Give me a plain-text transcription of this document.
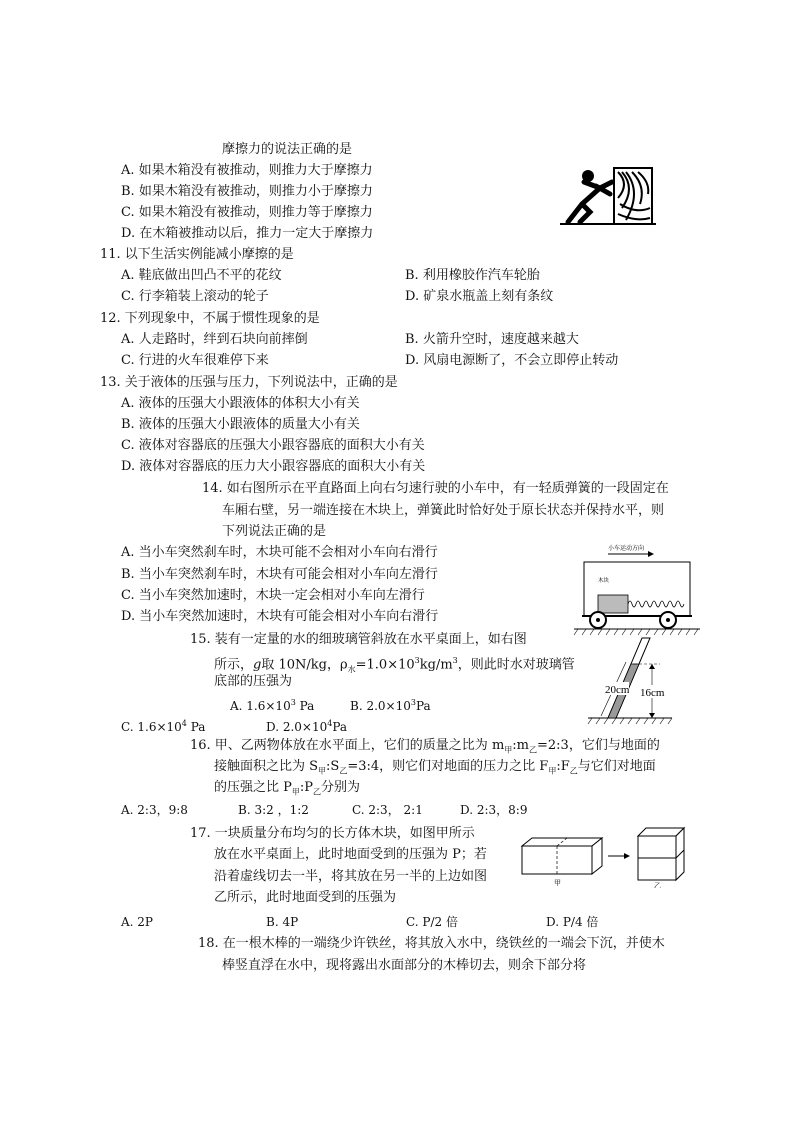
摩擦力的说法正确的是
A. 如果木箱没有被推动，则推力大于摩擦力
B. 如果木箱没有被推动，则推力小于摩擦力
C. 如果木箱没有被推动，则推力等于摩擦力
D. 在木箱被推动以后，推力一定大于摩擦力
11. 以下生活实例能减小摩擦的是
A. 鞋底做出凹凸不平的花纹	B. 利用橡胶作汽车轮胎
C. 行李箱装上滚动的轮子	D. 矿泉水瓶盖上刻有条纹
12. 下列现象中，不属于惯性现象的是
A. 人走路时，绊到石块向前摔倒	B. 火箭升空时，速度越来越大
C. 行进的火车很难停下来	D. 风扇电源断了，不会立即停止转动
13. 关于液体的压强与压力，下列说法中，正确的是
A. 液体的压强大小跟液体的体积大小有关
B. 液体的压强大小跟液体的质量大小有关
C. 液体对容器底的压强大小跟容器底的面积大小有关
D. 液体对容器底的压力大小跟容器底的面积大小有关
14. 如右图所示在平直路面上向右匀速行驶的小车中，有一轻质弹簧的一段固定在
车厢右壁，另一端连接在木块上，弹簧此时恰好处于原长状态并保持水平，则
下列说法正确的是
A. 当小车突然刹车时，木块可能不会相对小车向右滑行
B. 当小车突然刹车时，木块有可能会相对小车向左滑行
C. 当小车突然加速时，木块一定会相对小车向左滑行
D. 当小车突然加速时，木块有可能会相对小车向右滑行
小车运动方向
木块
15. 装有一定量的水的细玻璃管斜放在水平桌面上，如右图
所示，g取 10N/kg，$\rho_水=1.0\times 10^3kg/m^3$，则此时水对玻璃管
底部的压强为
A. $1.6\times 10^3$ Pa	B. $2.0\times 10^3Pa$
C. $1.6\times 10^4$ Pa	D. $2.0\times 10^4Pa$
20cm 16cm
16. 甲、乙两物体放在水平面上，它们的质量之比为 $m_甲:m_乙=2:3$，它们与地面的
接触面积之比为 $S_甲:S_乙=3:4$，则它们对地面的压力之比 $F_甲:F_乙$与它们对地面
的压强之比 $P_甲:P_乙$分别为
A. 2:3，9:8	B. 3:2 ，1:2	C. 2:3， 2:1	D. 2:3，8:9
17. 一块质量分布均匀的长方体木块，如图甲所示
放在水平桌面上，此时地面受到的压强为 P；若
沿着虚线切去一半，将其放在另一半的上边如图
乙所示，此时地面受到的压强为
A. 2P	B. 4P	C. P/2 倍	D. P/4 倍
甲	乙
18. 在一根木棒的一端绕少许铁丝，将其放入水中，绕铁丝的一端会下沉，并使木
棒竖直浮在水中，现将露出水面部分的木棒切去，则余下部分将
